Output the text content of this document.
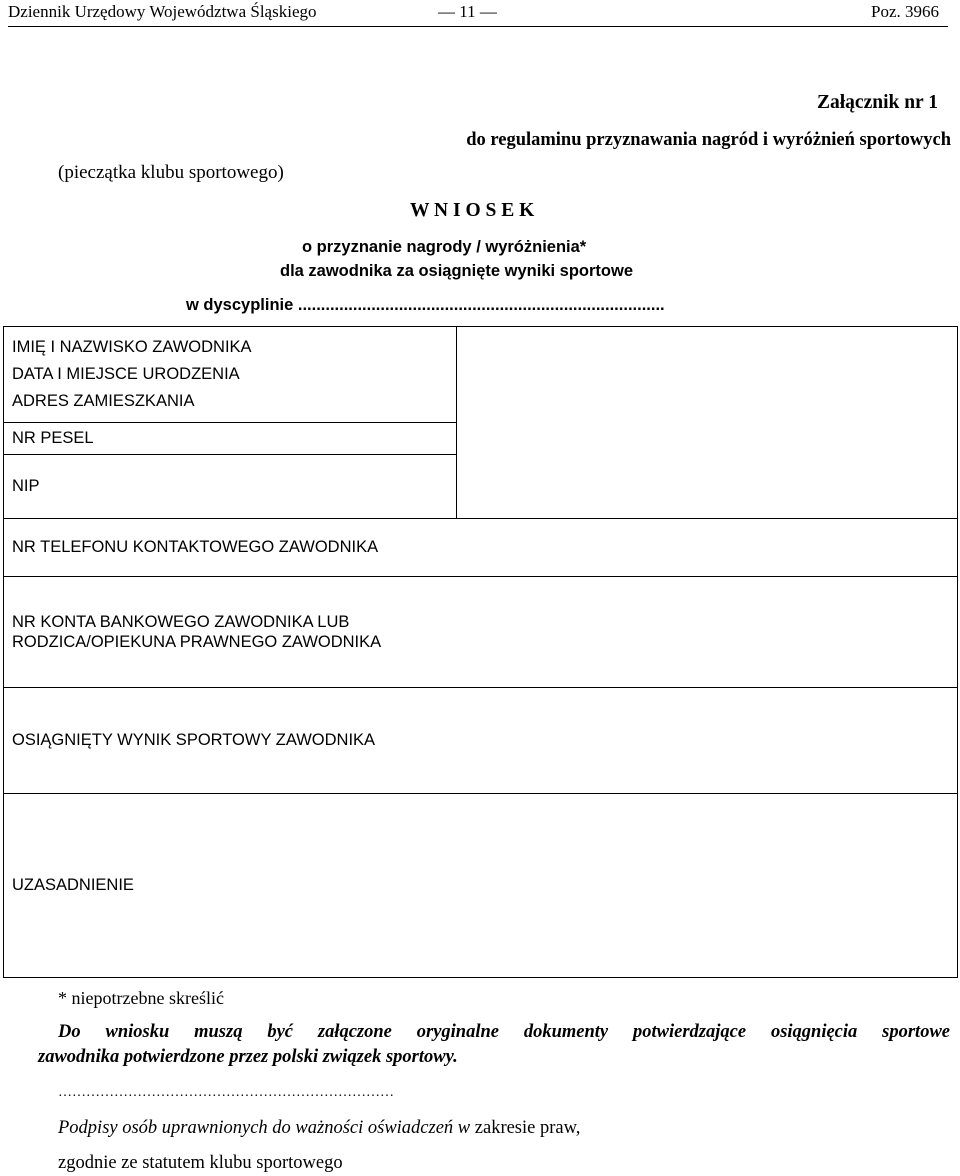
Dziennik Urzędowy Województwa Śląskiego	— 11 —	Poz. 3966
Załącznik nr 1
do regulaminu przyznawania nagród i wyróżnień sportowych
(pieczątka klubu sportowego)
W N I O S E K
o przyznanie nagrody / wyróżnienia*
dla zawodnika za osiągnięte wyniki sportowe
w dyscyplinie ................................................................................
IMIĘ I NAZWISKO ZAWODNIKA
DATA I MIEJSCE URODZENIA
ADRES ZAMIESZKANIA

NR PESEL
NIP
NR TELEFONU KONTAKTOWEGO ZAWODNIKA

NR KONTA BANKOWEGO ZAWODNIKA LUB
RODZICA/OPIEKUNA PRAWNEGO ZAWODNIKA

OSIĄGNIĘTY WYNIK SPORTOWY ZAWODNIKA
UZASADNIENIE
* niepotrzebne skreślić
Do wniosku muszą być załączone oryginalne dokumenty potwierdzające osiągnięcia sportowe
zawodnika potwierdzone przez polski związek sportowy.
………………………………………………………………
Podpisy osób uprawnionych do ważności oświadczeń w zakresie praw,
zgodnie ze statutem klubu sportowego
